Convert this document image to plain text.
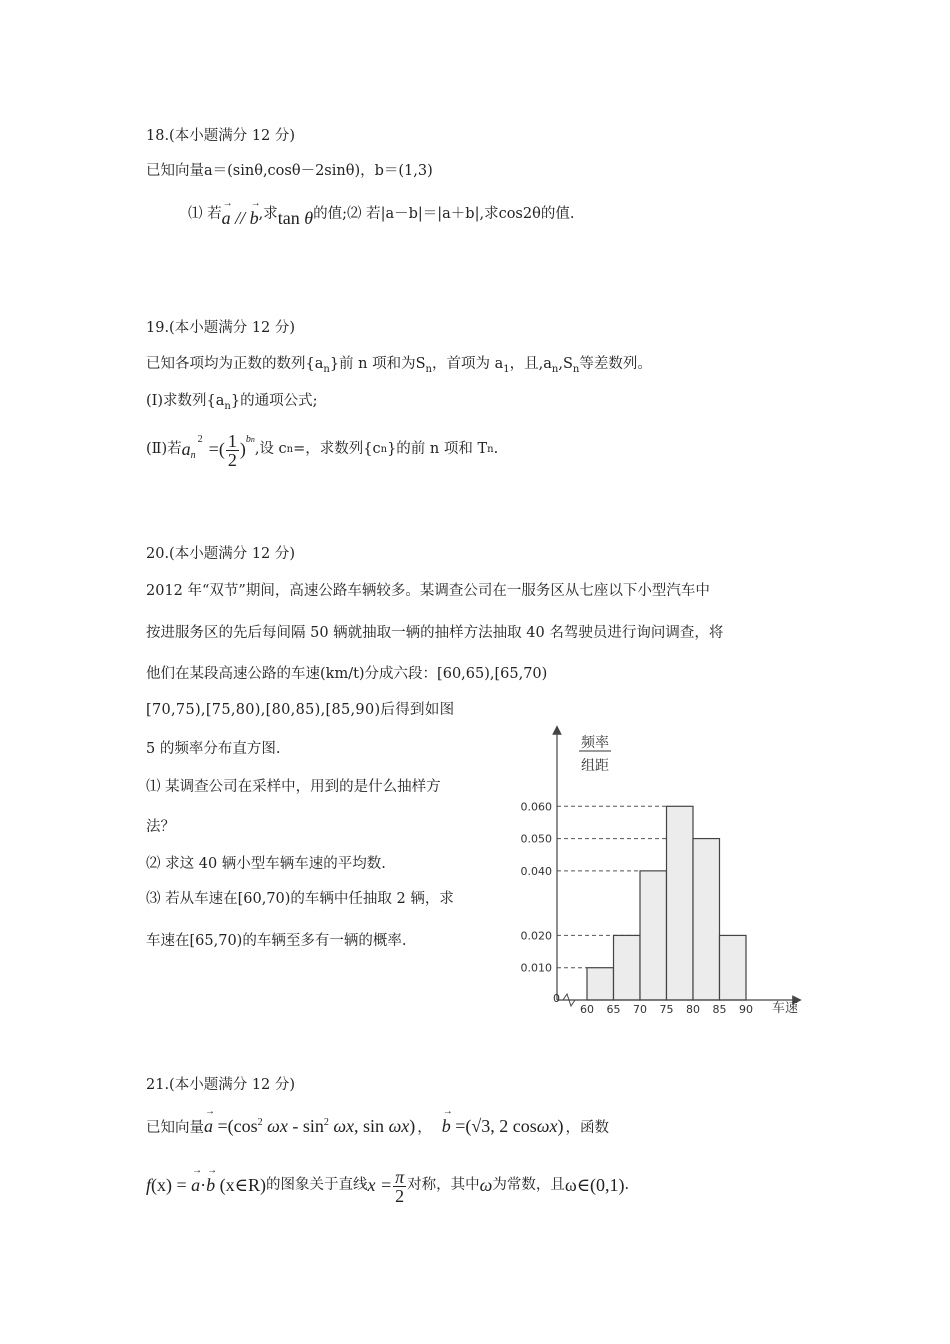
18.(本小题满分 12 分)
已知向量a＝(sinθ,cosθ－2sinθ)，b＝(1,3)
⑴ 若→ a // → b,求tan θ的值;⑵ 若|a－b|＝|a＋b|,求cos2θ的值.
19.(本小题满分 12 分)
已知各项均为正数的数列$\{a_n\}$前 n 项和为$S_n$，首项为 $a_1$，且$,a_n,S_n$等差数列。
(Ⅰ)求数列$\{a_n\}$的通项公式;
(Ⅱ)若 $a_n$
$^2$ =( $\frac{1}{2}$ ) $^{bn}$
,设 c n =，求数列{c n }的前 n 项和 T n .
20.(本小题满分 12 分)
2012 年“双节”期间，高速公路车辆较多。某调查公司在一服务区从七座以下小型汽车中
按进服务区的先后每间隔 50 辆就抽取一辆的抽样方法抽取 40 名驾驶员进行询问调查，将
他们在某段高速公路的车速(km/t)分成六段：[60,65),[65,70)
[70,75),[75,80),[80,85),[85,90)后得到如图
5 的频率分布直方图.
⑴ 某调查公司在采样中，用到的是什么抽样方
法？
⑵ 求这 40 辆小型车辆车速的平均数.
⑶ 若从车速在[60,70)的车辆中任抽取 2 辆，求
车速在[65,70)的车辆至多有一辆的概率.
频率
组距
0
0.010
0.020
0.040
0.050
0.060
60 65 70 75 80 85 90 车速
21.(本小题满分 12 分)
已知向量 → $a =(\cos^2$ ωx - $\sin^2 \omega x$, sin ωx) ， → b =(√3, 2 cosωx) ，函数
f(x) = → a·→ b (x∈R) 的图象关于直线 $x = \frac{\pi}{2}$ 对称，其中 ω 为常数，且 ω∈(0,1) .
